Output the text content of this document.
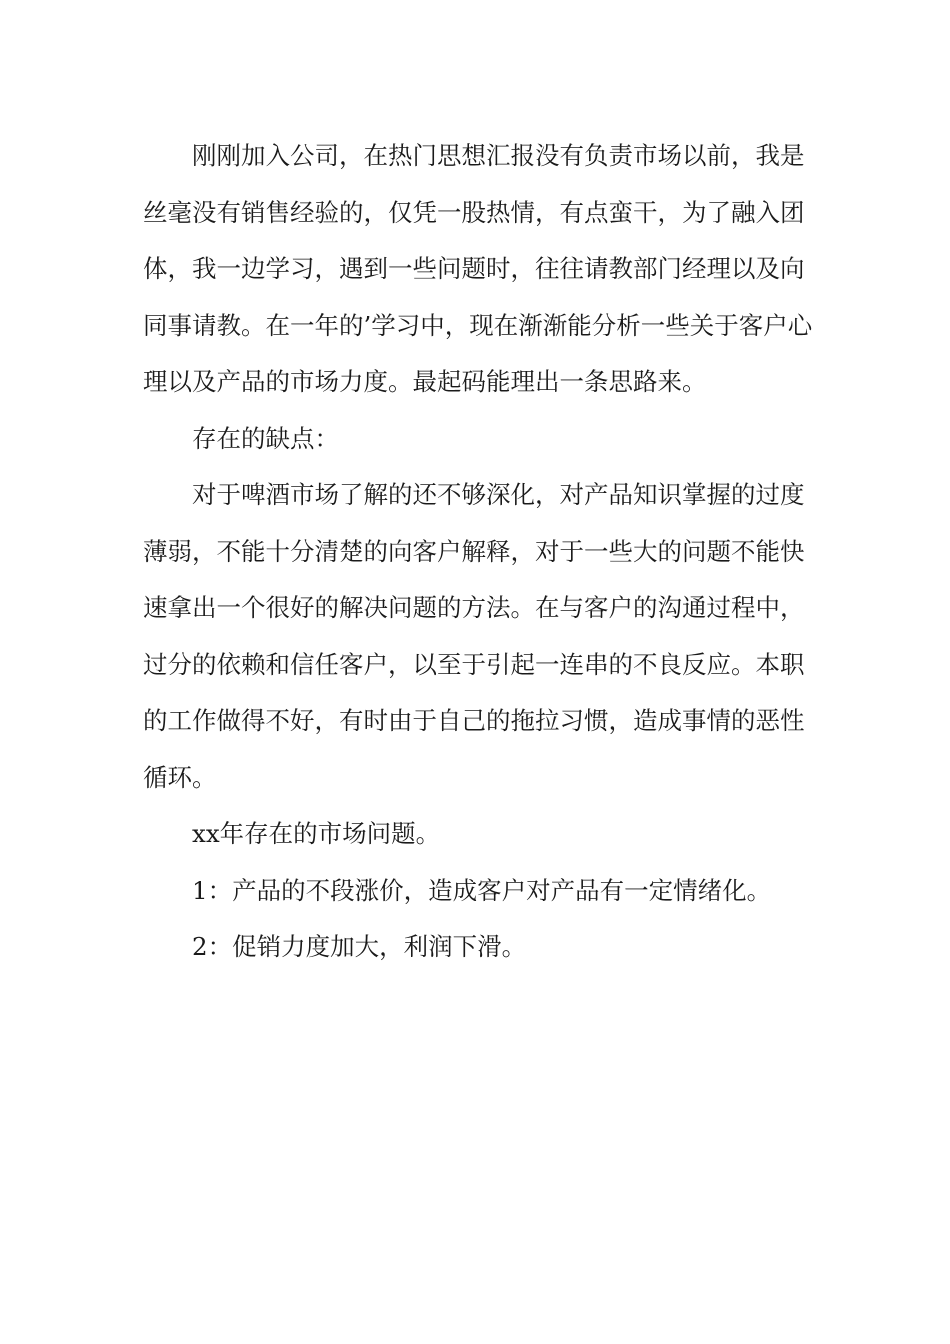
刚刚加入公司，在热门思想汇报没有负责市场以前，我是
丝毫没有销售经验的，仅凭一股热情，有点蛮干，为了融入团
体，我一边学习，遇到一些问题时，往往请教部门经理以及向
同事请教。在一年的’学习中，现在渐渐能分析一些关于客户心
理以及产品的市场力度。最起码能理出一条思路来。
存在的缺点：
对于啤酒市场了解的还不够深化，对产品知识掌握的过度
薄弱，不能十分清楚的向客户解释，对于一些大的问题不能快
速拿出一个很好的解决问题的方法。在与客户的沟通过程中，
过分的依赖和信任客户，以至于引起一连串的不良反应。本职
的工作做得不好，有时由于自己的拖拉习惯，造成事情的恶性
循环。
xx年存在的市场问题。
1：产品的不段涨价，造成客户对产品有一定情绪化。
2：促销力度加大，利润下滑。
